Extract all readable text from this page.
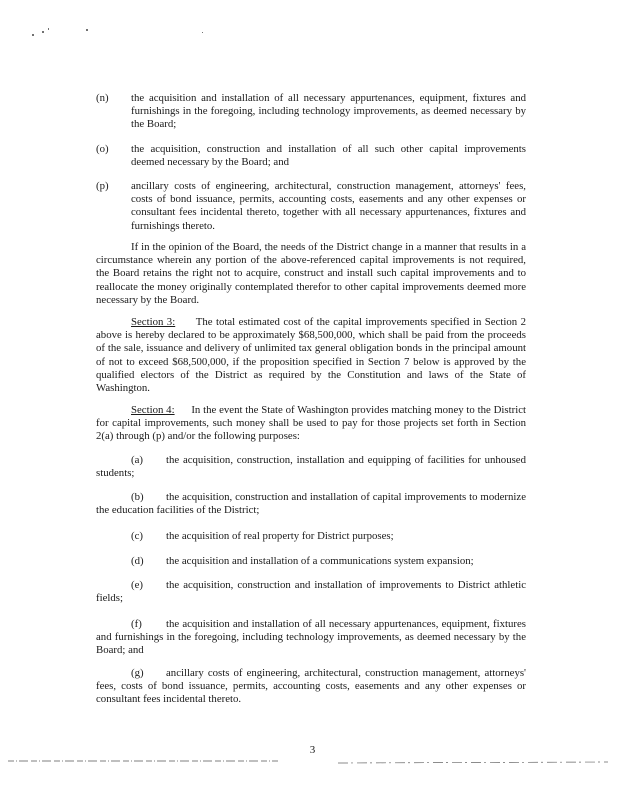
(n) the acquisition and installation of all necessary appurtenances, equipment, fixtures and furnishings in the foregoing, including technology improvements, as deemed necessary by the Board;
(o) the acquisition, construction and installation of all such other capital improvements deemed necessary by the Board; and
(p) ancillary costs of engineering, architectural, construction management, attorneys' fees, costs of bond issuance, permits, accounting costs, easements and any other expenses or consultant fees incidental thereto, together with all necessary appurtenances, fixtures and furnishings thereto.
If in the opinion of the Board, the needs of the District change in a manner that results in a circumstance wherein any portion of the above-referenced capital improvements is not required, the Board retains the right not to acquire, construct and install such capital improvements and to reallocate the money originally contemplated therefor to other capital improvements deemed more necessary by the Board.
Section 3: The total estimated cost of the capital improvements specified in Section 2 above is hereby declared to be approximately $68,500,000, which shall be paid from the proceeds of the sale, issuance and delivery of unlimited tax general obligation bonds in the principal amount of not to exceed $68,500,000, if the proposition specified in Section 7 below is approved by the qualified electors of the District as required by the Constitution and laws of the State of Washington.
Section 4: In the event the State of Washington provides matching money to the District for capital improvements, such money shall be used to pay for those projects set forth in Section 2(a) through (p) and/or the following purposes:
(a) the acquisition, construction, installation and equipping of facilities for unhoused students;
(b) the acquisition, construction and installation of capital improvements to modernize the education facilities of the District;
(c) the acquisition of real property for District purposes;
(d) the acquisition and installation of a communications system expansion;
(e) the acquisition, construction and installation of improvements to District athletic fields;
(f) the acquisition and installation of all necessary appurtenances, equipment, fixtures and furnishings in the foregoing, including technology improvements, as deemed necessary by the Board; and
(g) ancillary costs of engineering, architectural, construction management, attorneys' fees, costs of bond issuance, permits, accounting costs, easements and any other expenses or consultant fees incidental thereto.
3
